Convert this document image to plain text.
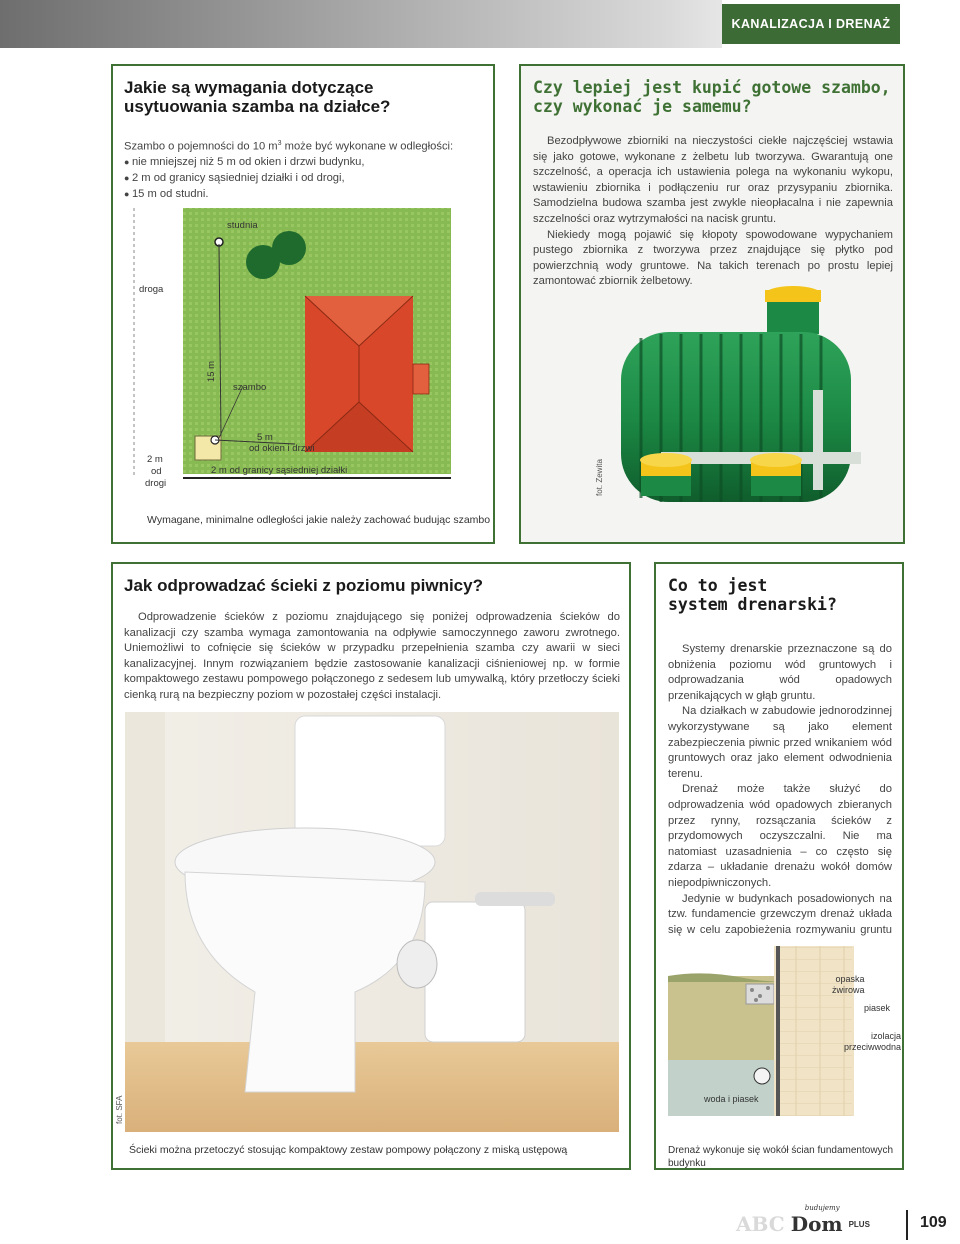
KANALIZACJA I DRENAŻ
Jakie są wymagania dotyczące
usytuowania szamba na działce?
Szambo o pojemności do 10 $m^3$ może być wykonane w odległości:
● nie mniejszej niż 5 m od okien i drzwi budynku,
● 2 m od granicy sąsiedniej działki i od drogi,
● 15 m od studni.
droga
studnia
15 m
szambo
5 m
od okien i drzwi
2 m od granicy sąsiedniej działki
2 m
od
drogi
Wymagane, minimalne odległości jakie należy zachować budując szambo
Czy lepiej jest kupić gotowe szambo,
czy wykonać je samemu?

Bezodpływowe zbiorniki na nieczystości ciekłe najczęściej wstawia się jako gotowe, wykonane z żelbetu lub tworzywa. Gwarantują one szczelność, a operacja ich ustawienia polega na wykonaniu wykopu, wstawieniu zbiornika i podłączeniu rur oraz przysypaniu zbiornika. Samodzielna budowa szamba jest zwykle nieopłacalna i nie zapewnia szczelności oraz wytrzymałości na nacisk gruntu.

Niekiedy mogą pojawić się kłopoty spowodowane wypychaniem pustego zbiornika z tworzywa przez znajdujące się płytko pod powierzchnią wody gruntowe. Na takich terenach po prostu lepiej zamontować zbiornik żelbetowy.

fot. Zewita
Jak odprowadzać ścieki z poziomu piwnicy?

Odprowadzenie ścieków z poziomu znajdującego się poniżej odprowadzenia ścieków do kanalizacji czy szamba wymaga zamontowania na odpływie samoczynnego zaworu zwrotnego. Uniemożliwi to cofnięcie się ścieków w przypadku przepełnienia szamba czy awarii w sieci kanalizacyjnej. Innym rozwiązaniem będzie zastosowanie kanalizacji ciśnieniowej np. w formie kompaktowego zestawu pompowego połączonego z sedesem lub umywalką, który przetłoczy ścieki cienką rurą na bezpieczny poziom w pozostałej części instalacji.

fot. SFA
Ścieki można przetoczyć stosując kompaktowy zestaw pompowy połączony z miską ustępową
Co to jest
system drenarski?

Systemy drenarskie przeznaczone są do obniżenia poziomu wód gruntowych i odprowadzania wód opadowych przenikających w głąb gruntu.

Na działkach w zabudowie jednorodzinnej wykorzystywane są jako element zabezpieczenia piwnic przed wnikaniem wód gruntowych oraz jako element odwodnienia terenu.

Drenaż może także służyć do odprowadzenia wód opadowych zbieranych przez rynny, rozsączania ścieków z przydomowych oczyszczalni. Nie ma natomiast uzasadnienia – co często się zdarza – układanie drenażu wokół domów niepodpiwniczonych.

Jedynie w budynkach posadowionych na tzw. fundamencie grzewczym drenaż układa się w celu zapobieżenia rozmywaniu gruntu

opaska
żwirowa
piasek
izolacja
przeciwwodna
woda i piasek
Drenaż wykonuje się wokół ścian fundamentowych budynku
ABC
budujemy
Dom PLUS	109
